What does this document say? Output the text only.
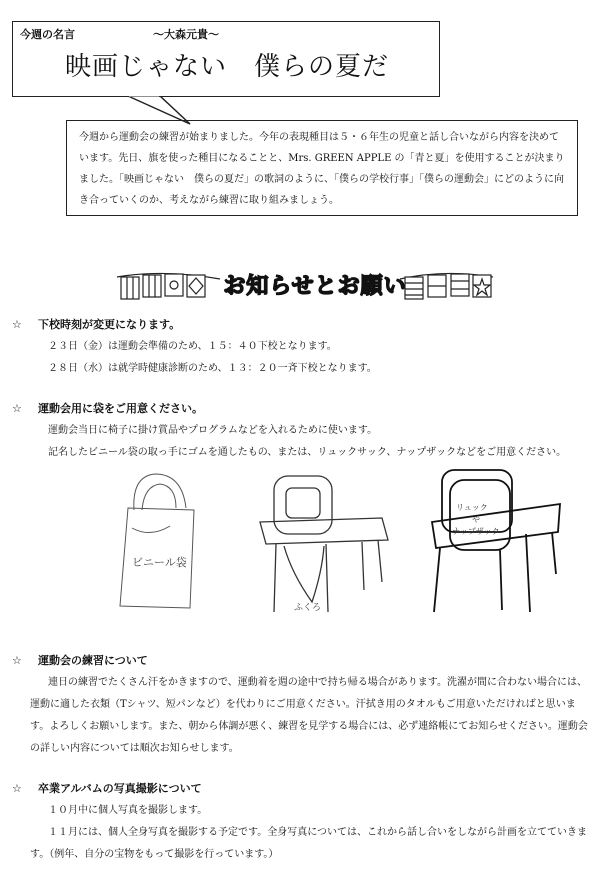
今週の名言	～大森元貴～
映画じゃない　僕らの夏だ
今週から運動会の練習が始まりました。今年の表現種目は５・６年生の児童と話し合いながら内容を決めています。先日、旗を使った種目になることと、Mrs. GREEN APPLE の「青と夏」を使用することが決まりました。「映画じゃない　僕らの夏だ」の歌詞のように、「僕らの学校行事」「僕らの運動会」にどのように向き合っていくのか、考えながら練習に取り組みましょう。
お知らせとお願い
☆ 下校時刻が変更になります。
２３日（金）は運動会準備のため、１５：４０下校となります。
２８日（水）は就学時健康診断のため、１３：２０一斉下校となります。
☆ 運動会用に袋をご用意ください。
運動会当日に椅子に掛け賞品やプログラムなどを入れるために使います。
記名したビニール袋の取っ手にゴムを通したもの、または、リュックサック、ナップザックなどをご用意ください。
ビニール袋
ふくろ
リュック
や
ナップザック
☆ 運動会の練習について
連日の練習でたくさん汗をかきますので、運動着を週の途中で持ち帰る場合があります。洗濯が間に合わない場合には、運動に適した衣類（Tシャツ、短パンなど）を代わりにご用意ください。汗拭き用のタオルもご用意いただければと思います。よろしくお願いします。また、朝から体調が悪く、練習を見学する場合には、必ず連絡帳にてお知らせください。運動会の詳しい内容については順次お知らせします。
☆ 卒業アルバムの写真撮影について
１０月中に個人写真を撮影します。
１１月には、個人全身写真を撮影する予定です。全身写真については、これから話し合いをしながら計画を立てていきます。（例年、自分の宝物をもって撮影を行っています。）
